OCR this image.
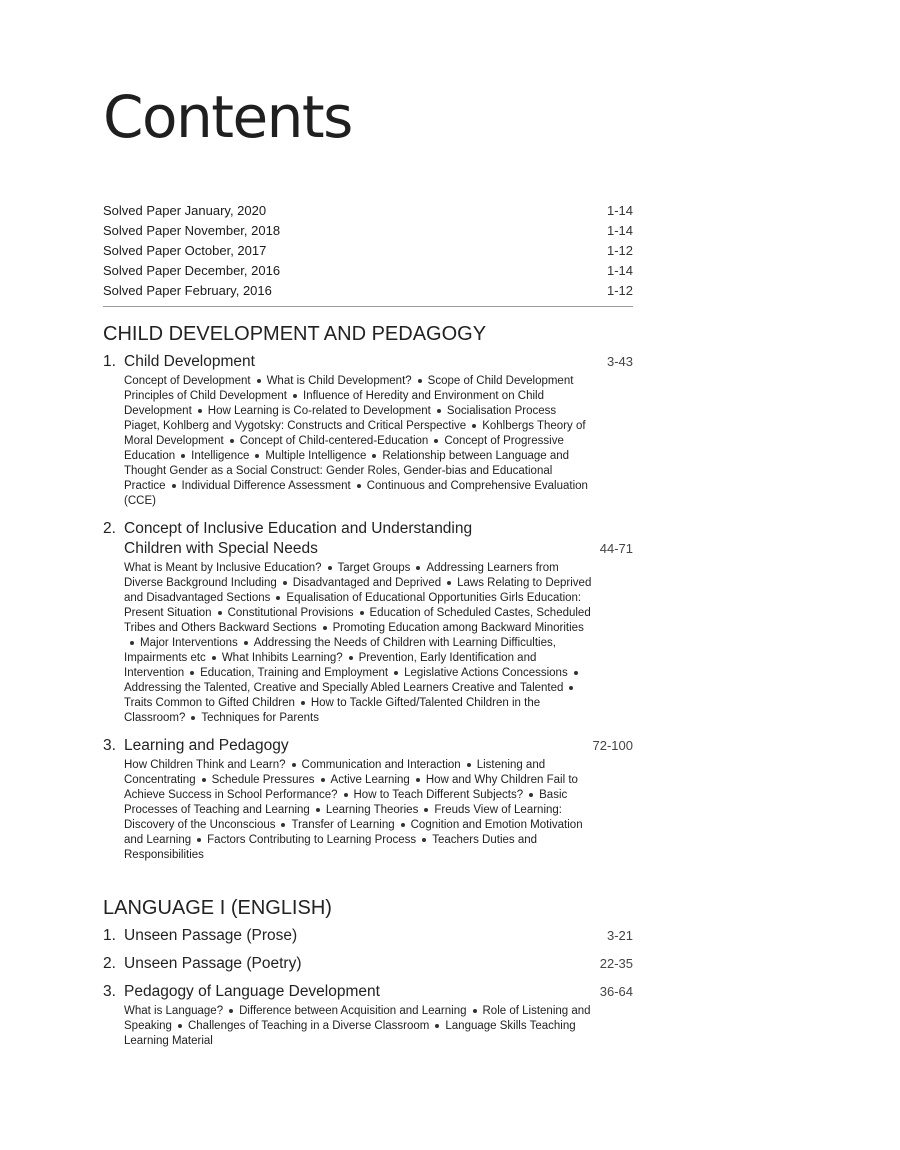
Contents
Solved Paper January, 2020	1-14
Solved Paper November, 2018	1-14
Solved Paper October, 2017	1-12
Solved Paper December, 2016	1-14
Solved Paper February, 2016	1-12
CHILD DEVELOPMENT AND PEDAGOGY
1. Child Development	3-43
Concept of Development What is Child Development? Scope of Child Development Principles of Child Development Influence of Heredity and Environment on Child Development How Learning is Co-related to Development Socialisation Process Piaget, Kohlberg and Vygotsky: Constructs and Critical Perspective Kohlbergs Theory of Moral Development Concept of Child-centered-Education Concept of Progressive Education Intelligence Multiple Intelligence Relationship between Language and Thought Gender as a Social Construct: Gender Roles, Gender-bias and Educational Practice Individual Difference Assessment Continuous and Comprehensive Evaluation (CCE)
2. Concept of Inclusive Education and Understanding Children with Special Needs	44-71
What is Meant by Inclusive Education? Target Groups Addressing Learners from Diverse Background Including Disadvantaged and Deprived Laws Relating to Deprived and Disadvantaged Sections Equalisation of Educational Opportunities Girls Education: Present Situation Constitutional Provisions Education of Scheduled Castes, Scheduled Tribes and Others Backward Sections Promoting Education among Backward MinoritiesMajor Interventions Addressing the Needs of Children with Learning Difficulties, Impairments etc What Inhibits Learning? Prevention, Early Identification and Intervention Education, Training and Employment Legislative Actions ConcessionsAddressing the Talented, Creative and Specially Abled Learners Creative and TalentedTraits Common to Gifted Children How to Tackle Gifted/Talented Children in the Classroom? Techniques for Parents
3. Learning and Pedagogy	72-100
How Children Think and Learn? Communication and Interaction Listening and Concentrating Schedule Pressures Active Learning How and Why Children Fail to Achieve Success in School Performance? How to Teach Different Subjects? Basic Processes of Teaching and Learning Learning Theories Freuds View of Learning: Discovery of the Unconscious Transfer of Learning Cognition and Emotion Motivation and Learning Factors Contributing to Learning Process Teachers Duties and Responsibilities
LANGUAGE I (ENGLISH)
1. Unseen Passage (Prose)	3-21
2. Unseen Passage (Poetry)	22-35
3. Pedagogy of Language Development	36-64
What is Language? Difference between Acquisition and Learning Role of Listening and Speaking Challenges of Teaching in a Diverse Classroom Language Skills Teaching Learning Material
